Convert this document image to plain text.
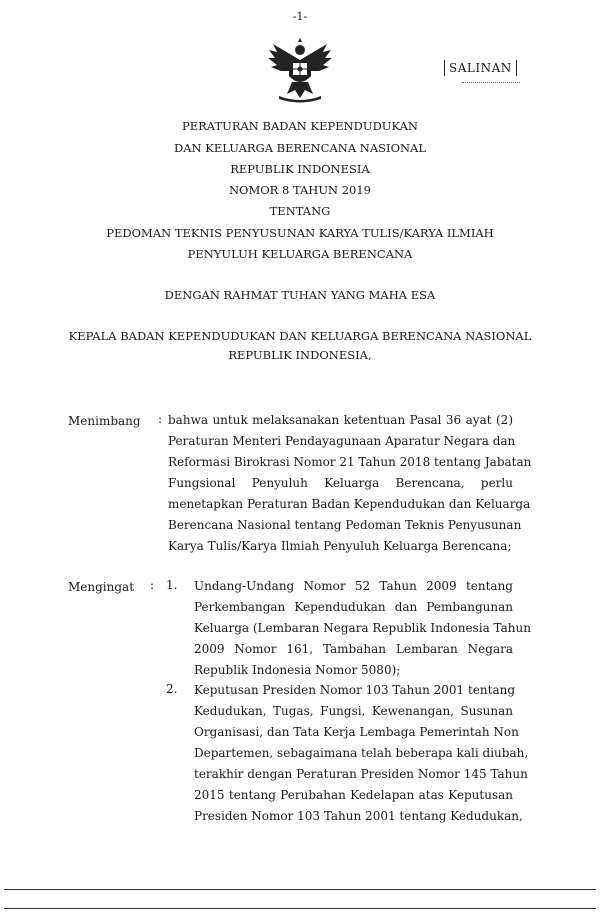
-1-
SALINAN
PERATURAN BADAN KEPENDUDUKAN
DAN KELUARGA BERENCANA NASIONAL
REPUBLIK INDONESIA
NOMOR 8 TAHUN 2019
TENTANG
PEDOMAN TEKNIS PENYUSUNAN KARYA TULIS/KARYA ILMIAH
PENYULUH KELUARGA BERENCANA
DENGAN RAHMAT TUHAN YANG MAHA ESA
KEPALA BADAN KEPENDUDUKAN DAN KELUARGA BERENCANA NASIONAL
REPUBLIK INDONESIA,
Menimbang : bahwa untuk melaksanakan ketentuan Pasal 36 ayat (2)
Peraturan Menteri Pendayagunaan Aparatur Negara dan
Reformasi Birokrasi Nomor 21 Tahun 2018 tentang Jabatan
Fungsional Penyuluh Keluarga Berencana, perlu
menetapkan Peraturan Badan Kependudukan dan Keluarga
Berencana Nasional tentang Pedoman Teknis Penyusunan
Karya Tulis/Karya Ilmiah Penyuluh Keluarga Berencana;
Mengingat : 1. Undang-Undang Nomor 52 Tahun 2009 tentang
Perkembangan Kependudukan dan Pembangunan
Keluarga (Lembaran Negara Republik Indonesia Tahun
2009 Nomor 161, Tambahan Lembaran Negara
Republik Indonesia Nomor 5080);
2. Keputusan Presiden Nomor 103 Tahun 2001 tentang
Kedudukan, Tugas, Fungsi, Kewenangan, Susunan
Organisasi, dan Tata Kerja Lembaga Pemerintah Non
Departemen, sebagaimana telah beberapa kali diubah,
terakhir dengan Peraturan Presiden Nomor 145 Tahun
2015 tentang Perubahan Kedelapan atas Keputusan
Presiden Nomor 103 Tahun 2001 tentang Kedudukan,
